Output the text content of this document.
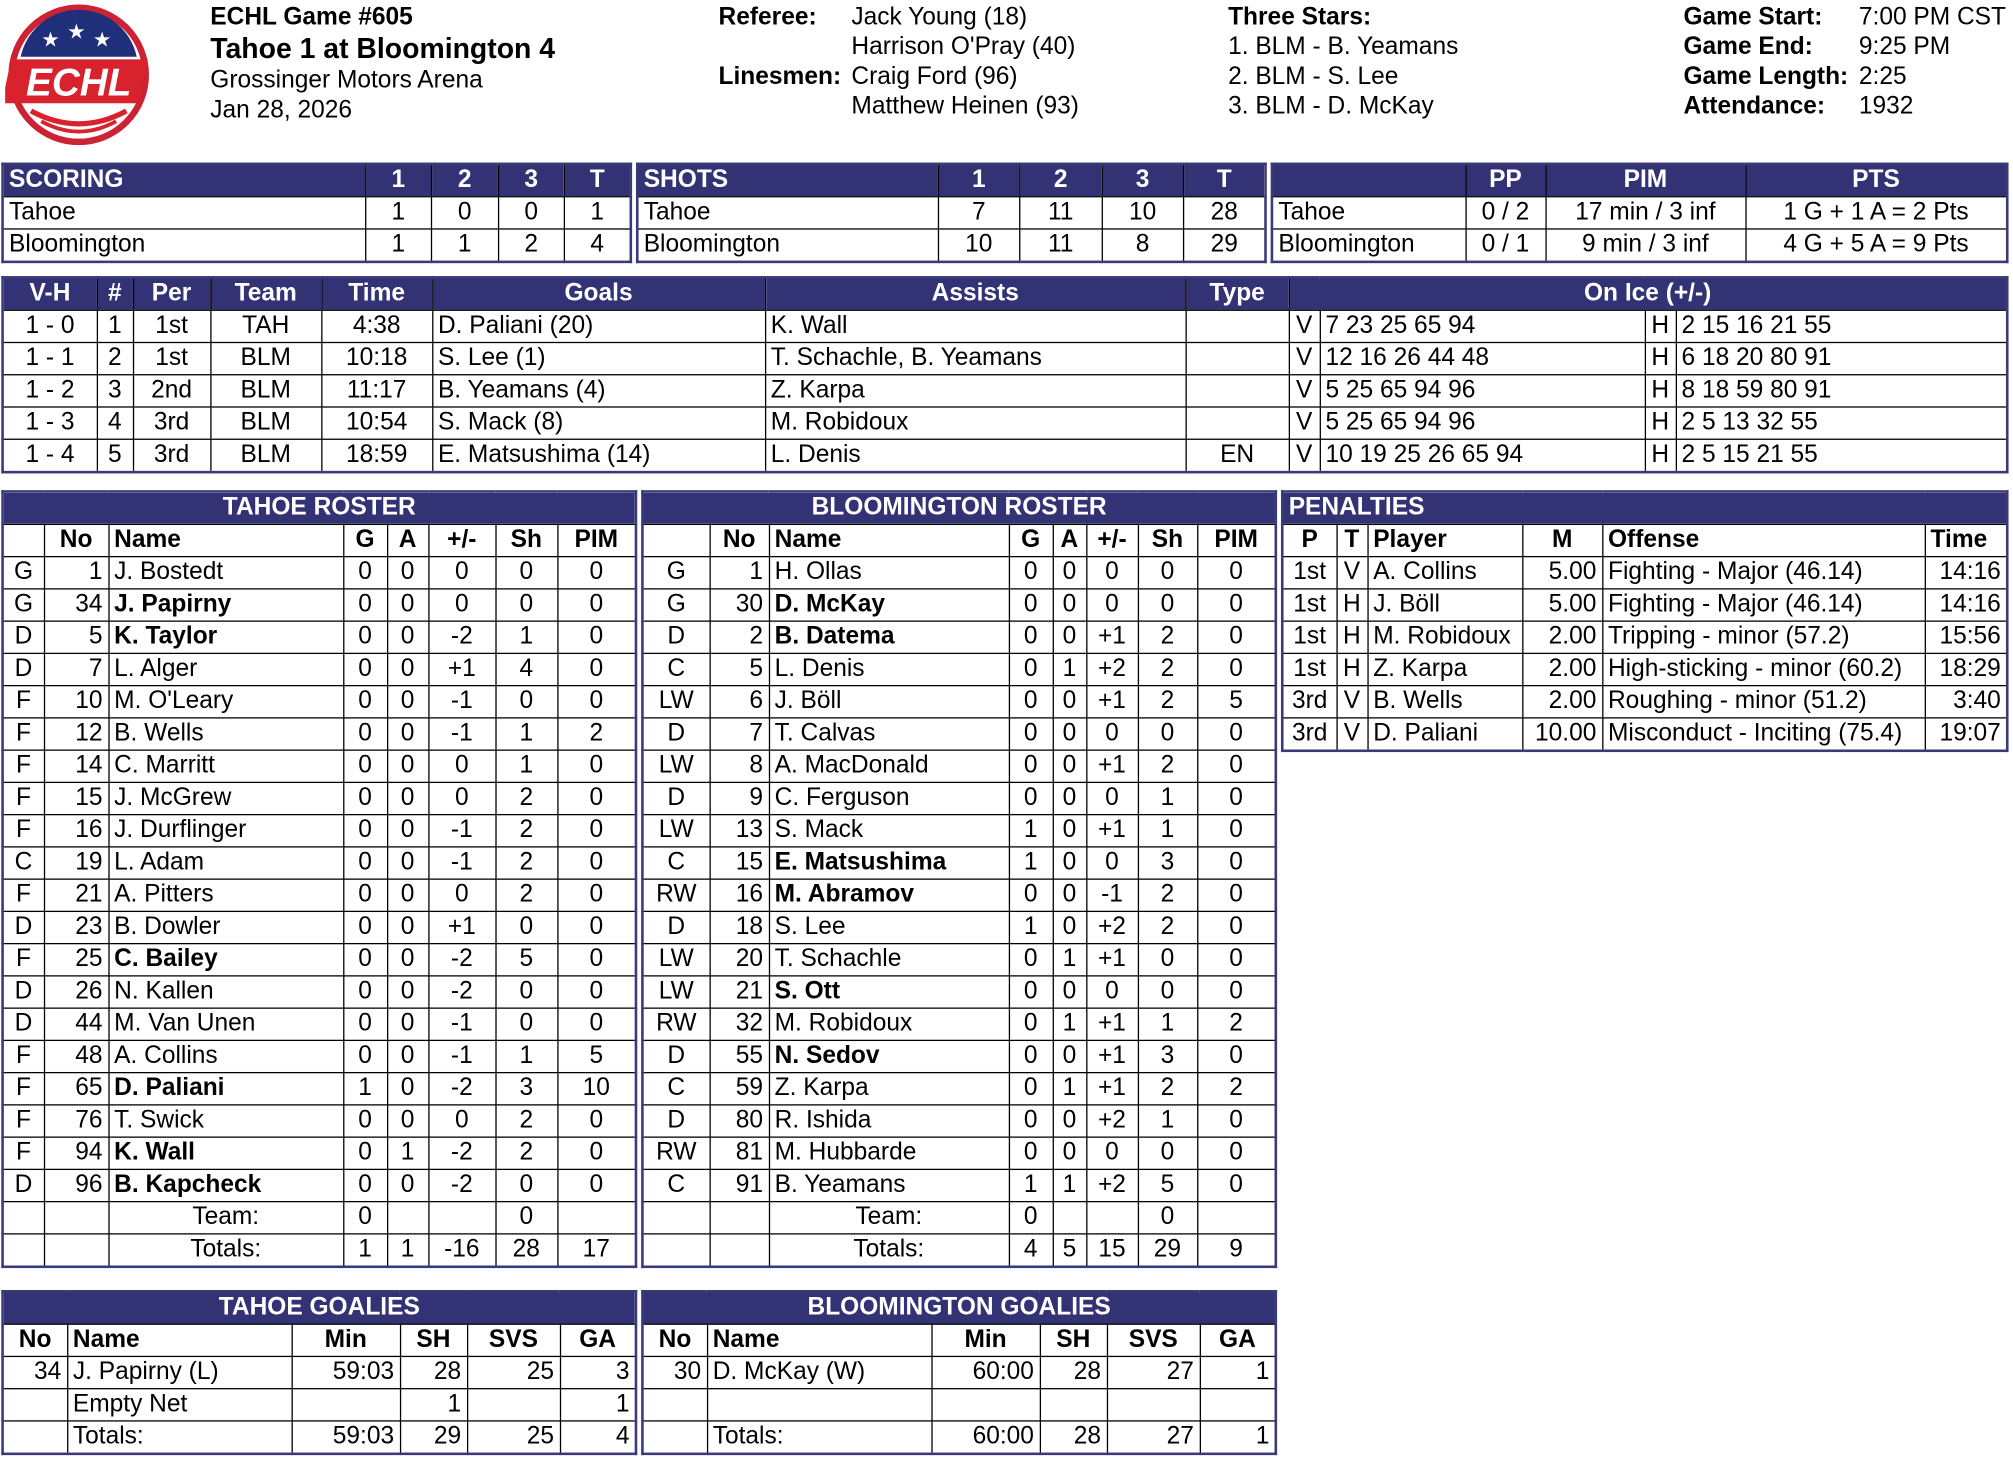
★ ★ ★
ECHL
ECHL Game #605
Tahoe 1 at Bloomington 4
Grossinger Motors Arena
Jan 28, 2026
Referee:	Jack Young (18)
Harrison O'Pray (40)
Linesmen: Craig Ford (96)
Matthew Heinen (93)
Three Stars:
1. BLM - B. Yeamans
2. BLM - S. Lee
3. BLM - D. McKay
Game Start:	7:00 PM CST
Game End:	9:25 PM
Game Length: 2:25
Attendance:	1932
SCORING	1	2	3	T
Tahoe	1	0	0	1
Bloomington	1	1	2	4
SHOTS	1	2	3	T
Tahoe	7	11	10	28
Bloomington	10	11	8	29
	PP	PIM	PTS
Tahoe	0 / 2	17 min / 3 inf	1 G + 1 A = 2 Pts
Bloomington	0 / 1	9 min / 3 inf	4 G + 5 A = 9 Pts
V-H	#	Per	Team	Time	Goals	Assists	Type	On Ice (+/-)			
1 - 0	1	1st	TAH	4:38	D. Paliani (20)	K. Wall		V	7 23 25 65 94	H	2 15 16 21 55
1 - 1	2	1st	BLM	10:18	S. Lee (1)	T. Schachle, B. Yeamans		V	12 16 26 44 48	H	6 18 20 80 91
1 - 2	3	2nd	BLM	11:17	B. Yeamans (4)	Z. Karpa		V	5 25 65 94 96	H	8 18 59 80 91
1 - 3	4	3rd	BLM	10:54	S. Mack (8)	M. Robidoux		V	5 25 65 94 96	H	2 5 13 32 55
1 - 4	5	3rd	BLM	18:59	E. Matsushima (14)	L. Denis	EN	V	10 19 25 26 65 94	H	2 5 15 21 55
TAHOE ROSTER							
	No	Name	G	A	+/-	Sh	PIM
G	1	J. Bostedt	0	0	0	0	0
G	34	J. Papirny	0	0	0	0	0
D	5	K. Taylor	0	0	-2	1	0
D	7	L. Alger	0	0	+1	4	0
F	10	M. O'Leary	0	0	-1	0	0
F	12	B. Wells	0	0	-1	1	2
F	14	C. Marritt	0	0	0	1	0
F	15	J. McGrew	0	0	0	2	0
F	16	J. Durflinger	0	0	-1	2	0
C	19	L. Adam	0	0	-1	2	0
F	21	A. Pitters	0	0	0	2	0
D	23	B. Dowler	0	0	+1	0	0
F	25	C. Bailey	0	0	-2	5	0
D	26	N. Kallen	0	0	-2	0	0
D	44	M. Van Unen	0	0	-1	0	0
F	48	A. Collins	0	0	-1	1	5
F	65	D. Paliani	1	0	-2	3	10
F	76	T. Swick	0	0	0	2	0
F	94	K. Wall	0	1	-2	2	0
D	96	B. Kapcheck	0	0	-2	0	0
		Team:	0			0	
		Totals:	1	1	-16	28	17
BLOOMINGTON ROSTER							
	No	Name	G	A	+/-	Sh	PIM
G	1	H. Ollas	0	0	0	0	0
G	30	D. McKay	0	0	0	0	0
D	2	B. Datema	0	0	+1	2	0
C	5	L. Denis	0	1	+2	2	0
LW	6	J. Böll	0	0	+1	2	5
D	7	T. Calvas	0	0	0	0	0
LW	8	A. MacDonald	0	0	+1	2	0
D	9	C. Ferguson	0	0	0	1	0
LW	13	S. Mack	1	0	+1	1	0
C	15	E. Matsushima	1	0	0	3	0
RW	16	M. Abramov	0	0	-1	2	0
D	18	S. Lee	1	0	+2	2	0
LW	20	T. Schachle	0	1	+1	0	0
LW	21	S. Ott	0	0	0	0	0
RW	32	M. Robidoux	0	1	+1	1	2
D	55	N. Sedov	0	0	+1	3	0
C	59	Z. Karpa	0	1	+1	2	2
D	80	R. Ishida	0	0	+2	1	0
RW	81	M. Hubbarde	0	0	0	0	0
C	91	B. Yeamans	1	1	+2	5	0
		Team:	0			0	
		Totals:	4	5	15	29	9
PENALTIES					
P	T	Player	M	Offense	Time
1st	V	A. Collins	5.00	Fighting - Major (46.14)	14:16
1st	H	J. Böll	5.00	Fighting - Major (46.14)	14:16
1st	H	M. Robidoux	2.00	Tripping - minor (57.2)	15:56
1st	H	Z. Karpa	2.00	High-sticking - minor (60.2)	18:29
3rd	V	B. Wells	2.00	Roughing - minor (51.2)	3:40
3rd	V	D. Paliani	10.00	Misconduct - Inciting (75.4)	19:07
TAHOE GOALIES					
No	Name	Min	SH	SVS	GA
34	J. Papirny (L)	59:03	28	25	3
	Empty Net		1		1
	Totals:	59:03	29	25	4
BLOOMINGTON GOALIES					
No	Name	Min	SH	SVS	GA
30	D. McKay (W)	60:00	28	27	1

	Totals:	60:00	28	27	1
